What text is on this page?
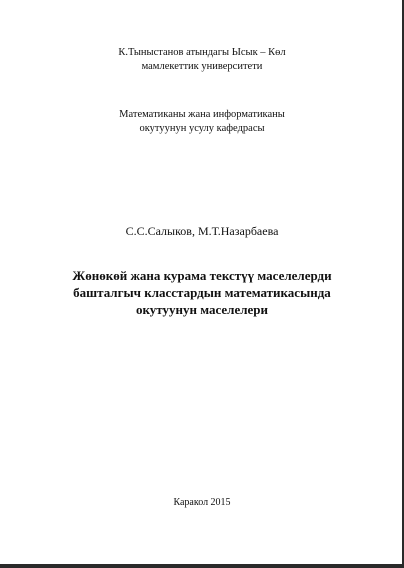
К.Тыныстанов атындагы Ысык – Көл
мамлекеттик университети
Математиканы жана информатиканы
окутуунун усулу кафедрасы
С.С.Салыков, М.Т.Назарбаева
Жөнөкөй жана курама текстүү маселелерди
башталгыч класстардын математикасында
окутуунун маселелери
Каракол 2015
